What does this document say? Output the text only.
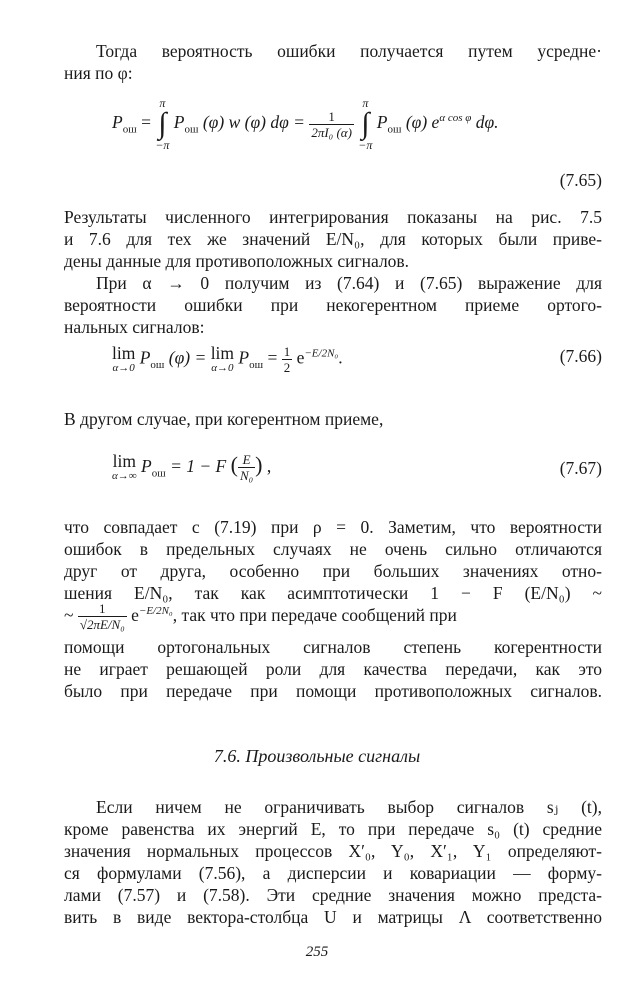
Тогда вероятность ошибки получается путем усредне·
ния по φ:
$P_{ош}$ =
π
∫
−π
$P_{ош}$ (φ) w (φ) $d\varphi = \frac{1}{\text{2πI₀ (α)}}$

π
∫
−π
$P_{ош}$ (φ) $e^{\alpha cos \varphi}$ dφ.
(7.65)
Результаты численного интегрирования показаны на рис. 7.5
и 7.6 для тех же значений E/N₀, для которых были приве-
дены данные для противоположных сигналов.
При α → 0 получим из (7.64) и (7.65) выражение для
вероятности ошибки при некогерентном приеме ортого-
нальных сигналов:
lim
α→0
$P_{ош}$ (φ) = lim
α→0
$P_{ош} = \frac{1}{2} e^{-E/2N_0}$.	(7.66)
В другом случае, при когерентном приеме,
lim
α→∞ $P_{ош} = 1 - F$ ( $\frac{E}{\text{N₀}}$ ) ,	(7.67)
что совпадает с (7.19) при ρ = 0. Заметим, что вероятности
ошибок в предельных случаях не очень сильно отличаются
друг от друга, особенно при больших значениях отно-
шения E/N₀, так как асимптотически 1 − F (E/N₀) ~
~ $\frac{1}{\text{√2πE/N₀}} e^{-E/2N_0}$, так что при передаче сообщений при
помощи ортогональных сигналов степень когерентности
не играет решающей роли для качества передачи, как это
было при передаче при помощи противоположных сигналов.
7.6. Произвольные сигналы
Если ничем не ограничивать выбор сигналов sⱼ (t),
кроме равенства их энергий E, то при передаче s₀ (t) средние
значения нормальных процессов X′₀, Y₀, X′₁, Y₁ определяют-
ся формулами (7.56), а дисперсии и ковариации — форму-
лами (7.57) и (7.58). Эти средние значения можно предста-
вить в виде вектора-столбца U и матрицы Λ соответственно
255
